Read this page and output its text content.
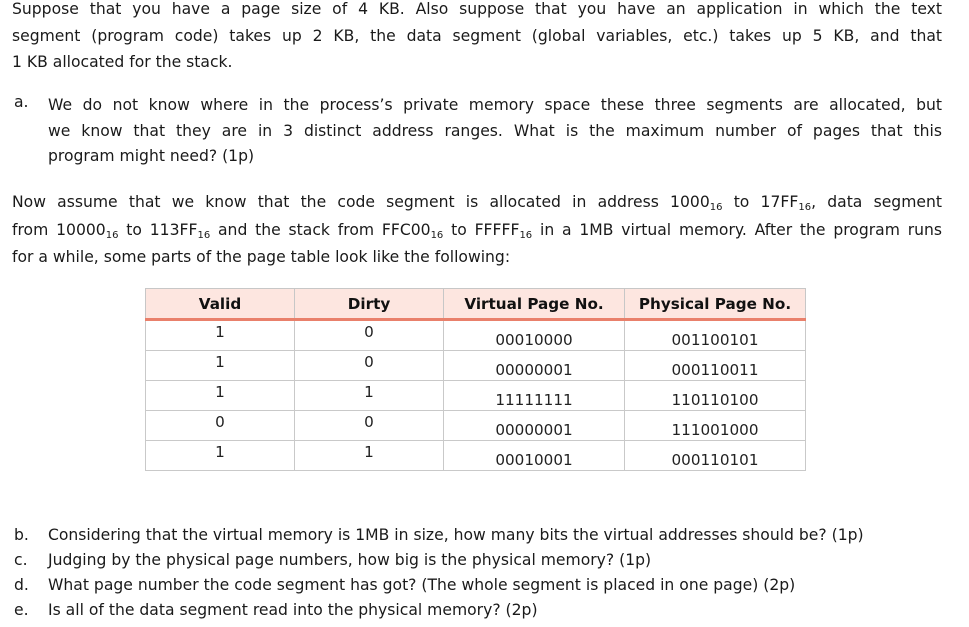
Suppose that you have a page size of 4 KB. Also suppose that you have an application in which the text
segment (program code) takes up 2 KB, the data segment (global variables, etc.) takes up 5 KB, and that
1 KB allocated for the stack.
a.	We do not know where in the process’s private memory space these three segments are allocated, but
we know that they are in 3 distinct address ranges. What is the maximum number of pages that this
program might need? (1p)
Now assume that we know that the code segment is allocated in address $1000_{16}$ to $17FF_{16}$, data segment
from $10000_{16}$ to $113FF_{16}$ and the stack from $FFC00_{16}$ to $FFFFF_{16}$ in a 1MB virtual memory. After the program runs
for a while, some parts of the page table look like the following:
Valid	Dirty	Virtual Page No.	Physical Page No.
1	0	00010000	001100101
1	0	00000001	000110011
1	1	11111111	110110100
0	0	00000001	111001000
1	1	00010001	000110101
b. Considering that the virtual memory is 1MB in size, how many bits the virtual addresses should be? (1p)
c. Judging by the physical page numbers, how big is the physical memory? (1p)
d. What page number the code segment has got? (The whole segment is placed in one page) (2p)
e. Is all of the data segment read into the physical memory? (2p)
